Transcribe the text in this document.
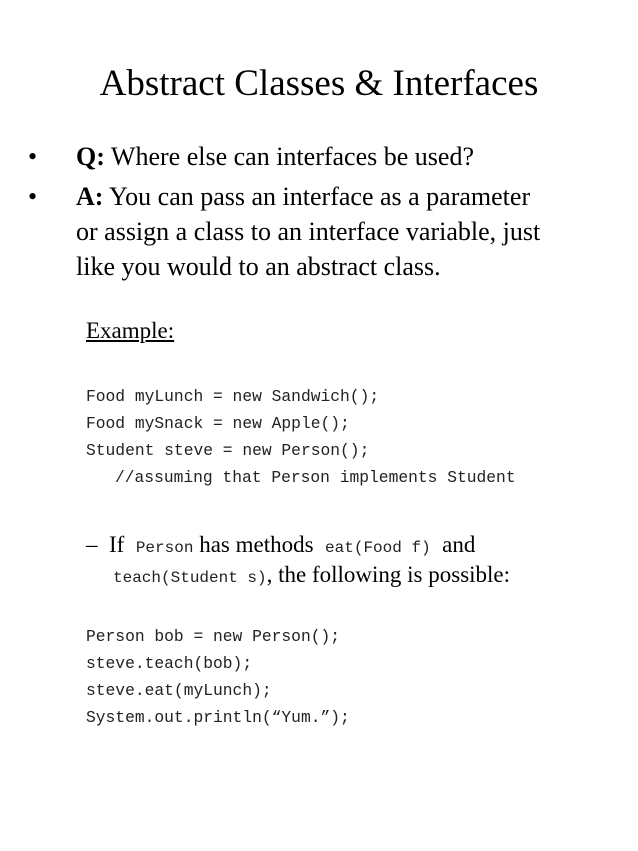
Abstract Classes & Interfaces
• Q: Where else can interfaces be used?
• A: You can pass an interface as a parameter
or assign a class to an interface variable, just
like you would to an abstract class.
Example:
Food myLunch = new Sandwich();
Food mySnack = new Apple();
Student steve = new Person();
//assuming that Person implements Student
– If Person has methods eat(Food f) and
teach(Student s), the following is possible:
Person bob = new Person();
steve.teach(bob);
steve.eat(myLunch);
System.out.println(“Yum.”);
